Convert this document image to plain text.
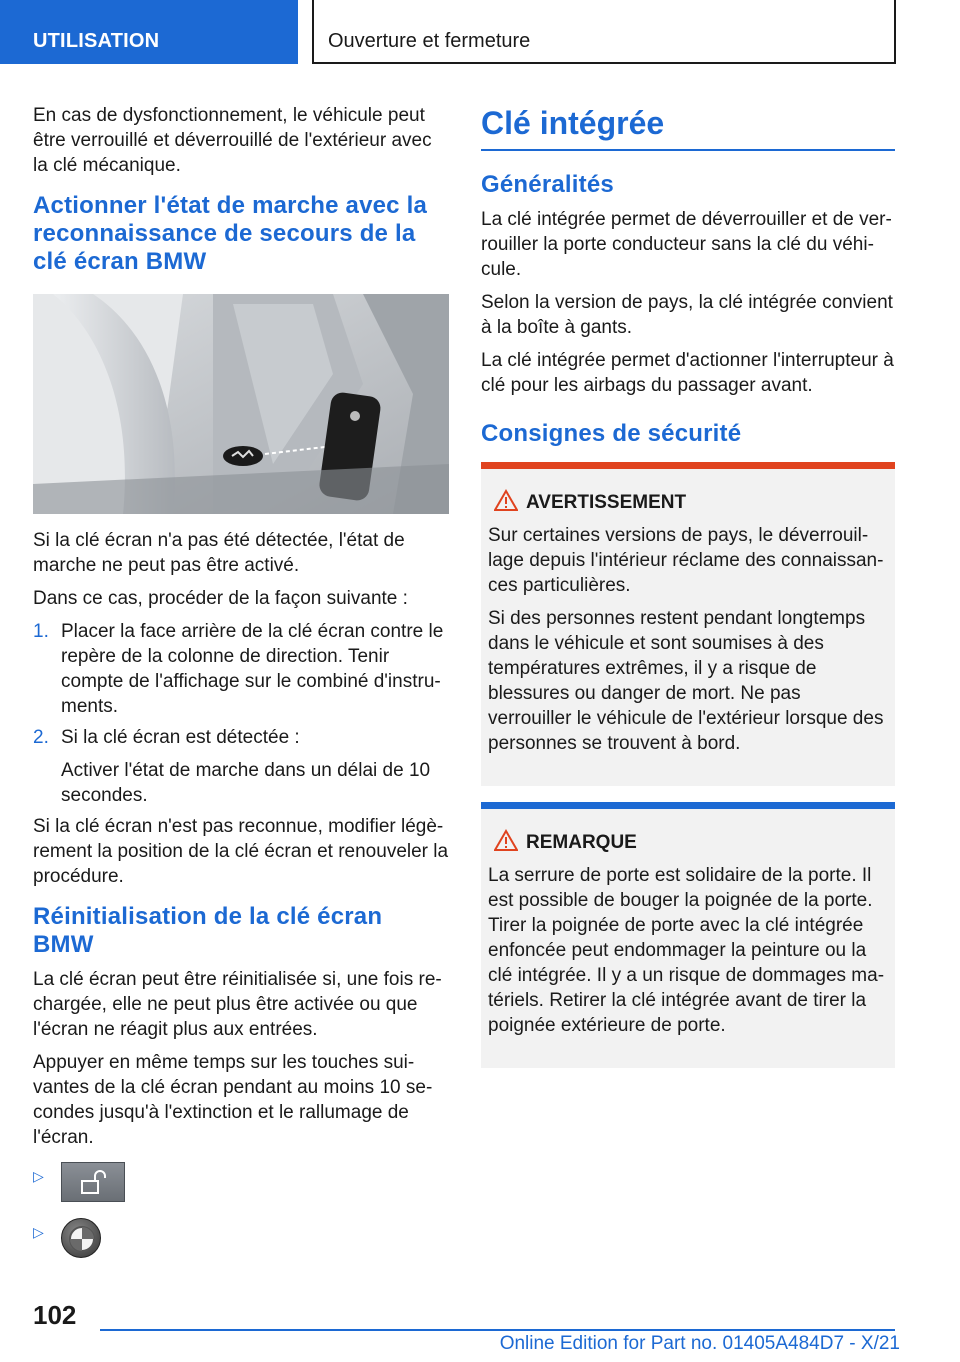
UTILISATION	Ouverture et fermeture

En cas de dysfonctionnement, le véhicule peut être verrouillé et déverrouillé de l'extérieur avec la clé mécanique.

Actionner l'état de marche avec la reconnaissance de secours de la clé écran BMW

Si la clé écran n'a pas été détectée, l'état de marche ne peut pas être activé.

Dans ce cas, procéder de la façon suivante :

1. Placer la face arrière de la clé écran contre le repère de la colonne de direction. Tenir compte de l'affichage sur le combiné d'instruments.
2. Si la clé écran est détectée :
Activer l'état de marche dans un délai de 10 secondes.

Si la clé écran n'est pas reconnue, modifier légèrement la position de la clé écran et renouveler la procédure.

Réinitialisation de la clé écran BMW

La clé écran peut être réinitialisée si, une fois rechargée, elle ne peut plus être activée ou que l'écran ne réagit plus aux entrées.

Appuyer en même temps sur les touches suivantes de la clé écran pendant au moins 10 secondes jusqu'à l'extinction et le rallumage de l'écran.

▷
▷
Clé intégrée
Généralités

La clé intégrée permet de déverrouiller et de verrouiller la porte conducteur sans la clé du véhicule.

Selon la version de pays, la clé intégrée convient à la boîte à gants.

La clé intégrée permet d'actionner l'interrupteur à clé pour les airbags du passager avant.

Consignes de sécurité
AVERTISSEMENT

Sur certaines versions de pays, le déverrouillage depuis l'intérieur réclame des connaissances particulières.

Si des personnes restent pendant longtemps dans le véhicule et sont soumises à des températures extrêmes, il y a risque de blessures ou danger de mort. Ne pas verrouiller le véhicule de l'extérieur lorsque des personnes se trouvent à bord.

REMARQUE

La serrure de porte est solidaire de la porte. Il est possible de bouger la poignée de la porte. Tirer la poignée de porte avec la clé intégrée enfoncée peut endommager la peinture ou la clé intégrée. Il y a un risque de dommages matériels. Retirer la clé intégrée avant de tirer la poignée extérieure de porte.

102
Online Edition for Part no. 01405A484D7 - X/21
